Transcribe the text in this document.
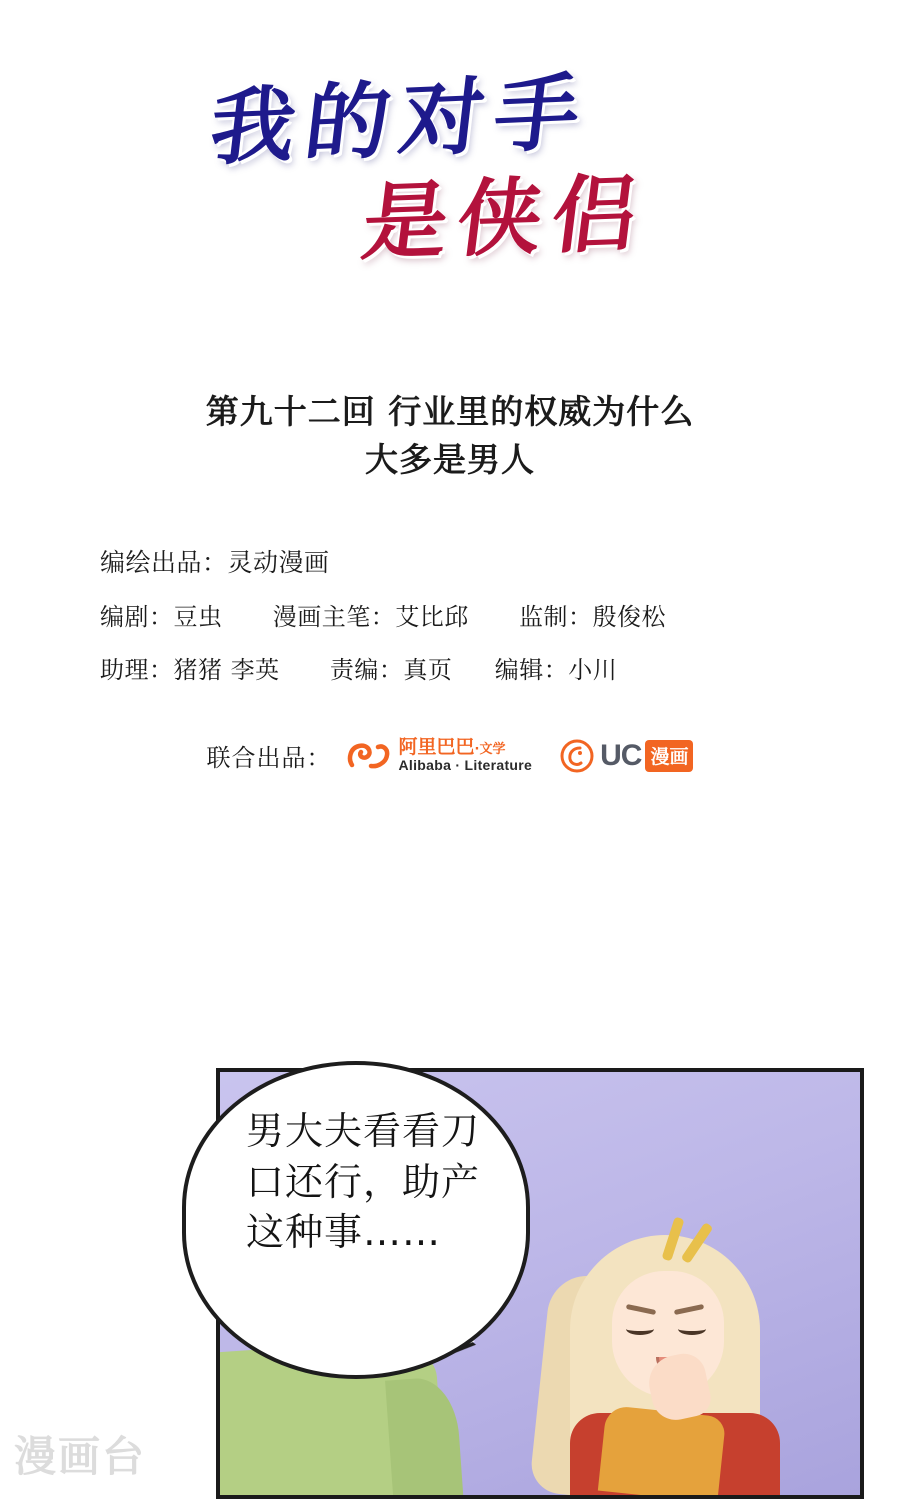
我的对手
是侠侣
第九十二回 行业里的权威为什么
大多是男人
编绘出品：灵动漫画
编剧：豆虫 漫画主笔：艾比邱 监制：殷俊松
助理：猪猪 李英 责编：真页 编辑：小川
联合出品：	阿里巴巴·文学
Alibaba · Literature UC 漫画
男大夫看看刀口还行，助产这种事……
漫画台
